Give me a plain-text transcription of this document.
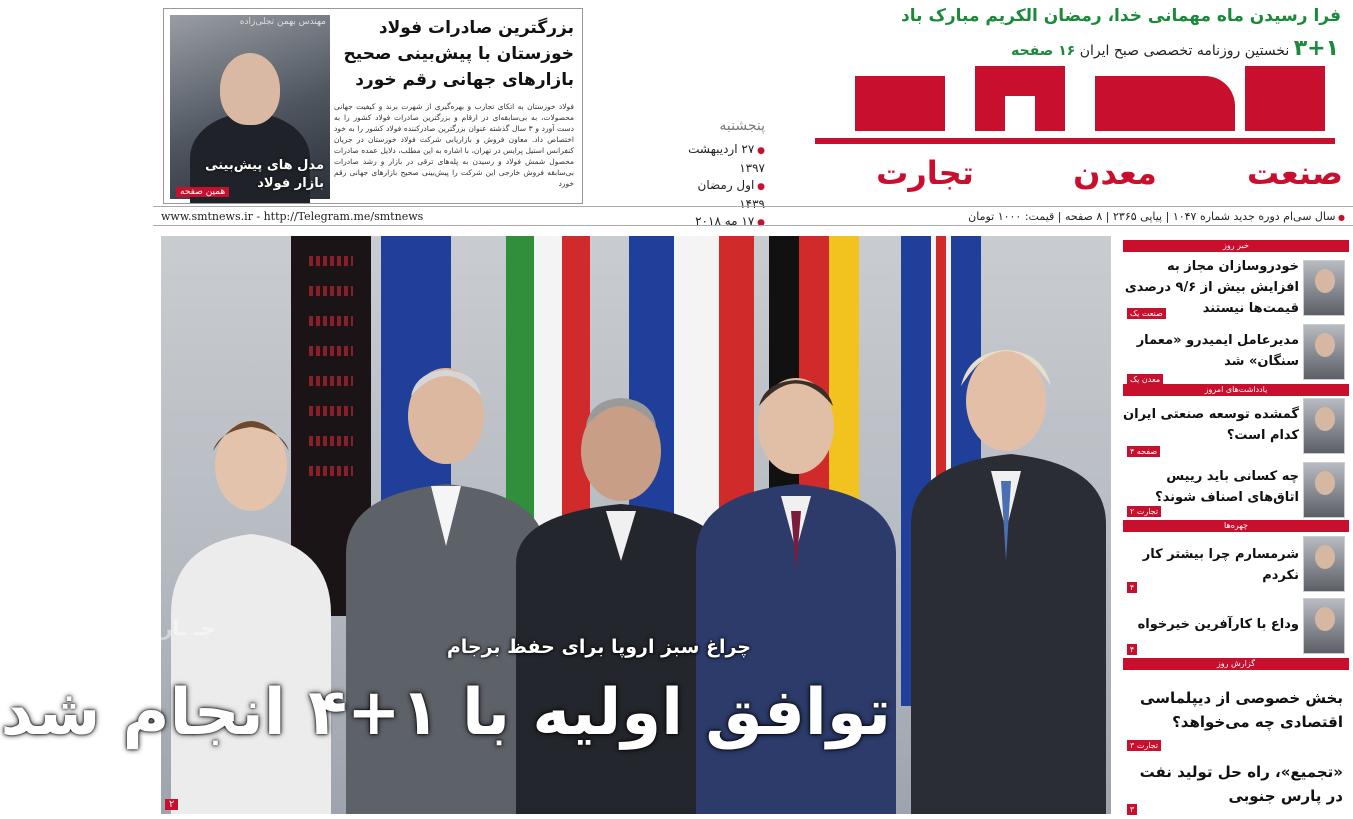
فرا رسیدن ماه مهمانی خدا، رمضان الکریم مبارک باد
۳+۱ نخستین روزنامه تخصصی صبح ایران ۱۶ صفحه
صنعت
معدن
تجارت
پنجشنبه
● ۲۷ اردیبهشت ۱۳۹۷
● اول رمضان ۱۴۳۹
● ۱۷ مه ۲۰۱۸
مهندس بهمن تجلی‌زاده
مدل های پیش‌بینی
بازار فولاد
همین صفحه
بزرگترین صادرات فولاد خوزستان با پیش‌بینی صحیح بازارهای جهانی رقم خورد
فولاد خوزستان به اتکای تجارب و بهره‌گیری از شهرت برند و کیفیت جهانی محصولات، به بی‌سابقه‌ای در ارقام و بزرگترین صادرات فولاد کشور را به دست آورد و ۳ سال گذشته عنوان بزرگترین صادرکننده فولاد کشور را به خود اختصاص داد. معاون فروش و بازاریابی شرکت فولاد خوزستان در جریان کنفرانس استیل پرایس در تهران، با اشاره به این مطلب، دلایل عمده صادرات محصول شمش فولاد و رسیدن به پله‌های ترقی در بازار و رشد صادرات بی‌سابقه فروش خارجی این شرکت را پیش‌بینی صحیح بازارهای جهانی رقم خورد
● سال سی‌ام دوره جدید شماره ۱۰۴۷ | پیاپی ۲۳۶۵ | ۸ صفحه | قیمت: ۱۰۰۰ تومان
www.smtnews.ir - http://Telegram.me/smtnews
جـ ـار
چراغ سبز اروپا برای حفظ برجام
توافق اولیه با ۱+۴ انجام شد
۲
خبر روز
خودروسازان مجاز به افزایش بیش از ۹/۶ درصدی قیمت‌ها نیستند
صنعت یک
مدیرعامل ایمیدرو «معمار سنگان» شد
معدن یک
یادداشت‌های امروز
گمشده توسعه صنعتی ایران کدام است؟
صفحه ۴
چه کسانی باید رییس اتاق‌های اصناف شوند؟
تجارت ۲
چهره‌ها
شرمسارم چرا بیشتر کار نکردم
۴
وداع با کارآفرین خیرخواه
۴
گزارش روز
بخش خصوصی از دیپلماسی اقتصادی چه می‌خواهد؟
تجارت ۳
«تجمیع»، راه حل تولید نفت در پارس جنوبی
۳
